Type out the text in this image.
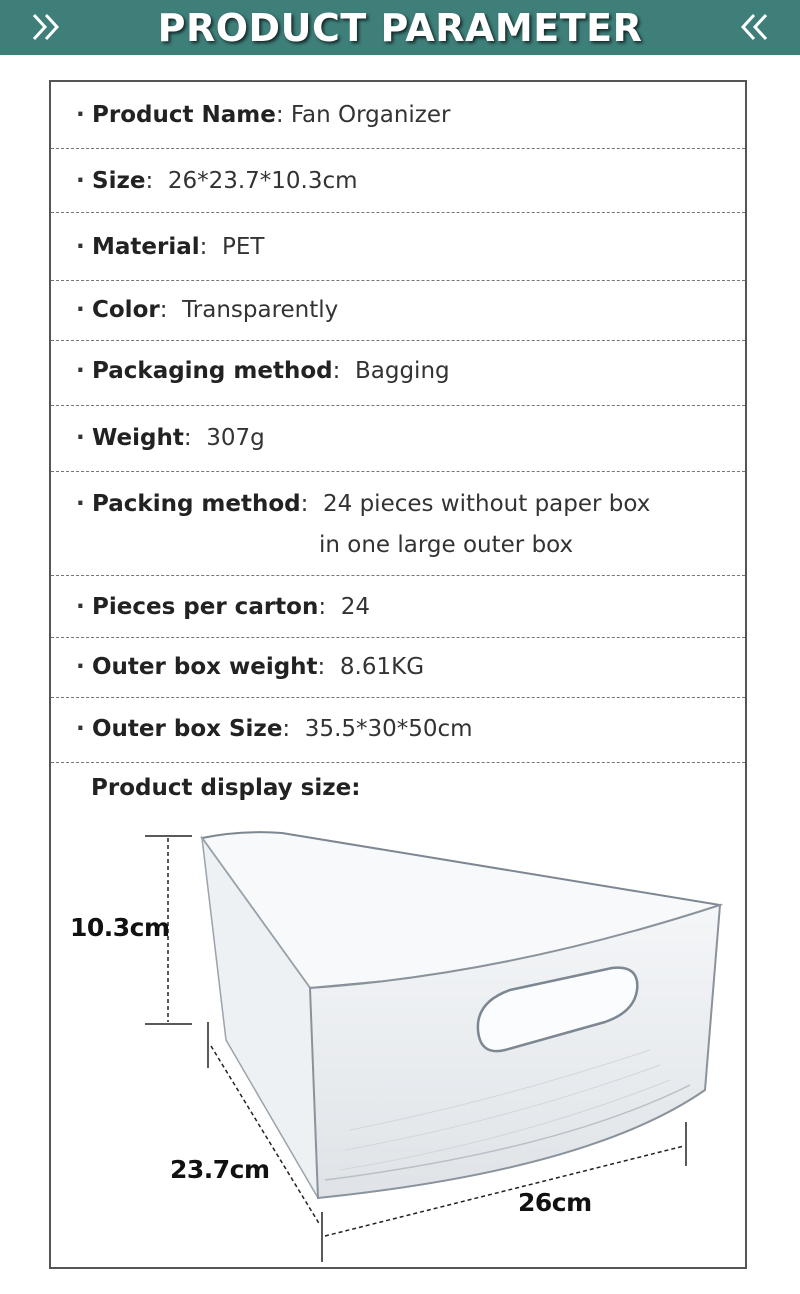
PRODUCT PARAMETER
· Product Name: Fan Organizer
· Size: 26*23.7*10.3cm
· Material: PET
· Color: Transparently
· Packaging method: Bagging
· Weight: 307g
· Packing method: 24 pieces without paper box
in one large outer box
· Pieces per carton: 24
· Outer box weight: 8.61KG
· Outer box Size: 35.5*30*50cm
Product display size:
10.3cm
23.7cm
26cm
